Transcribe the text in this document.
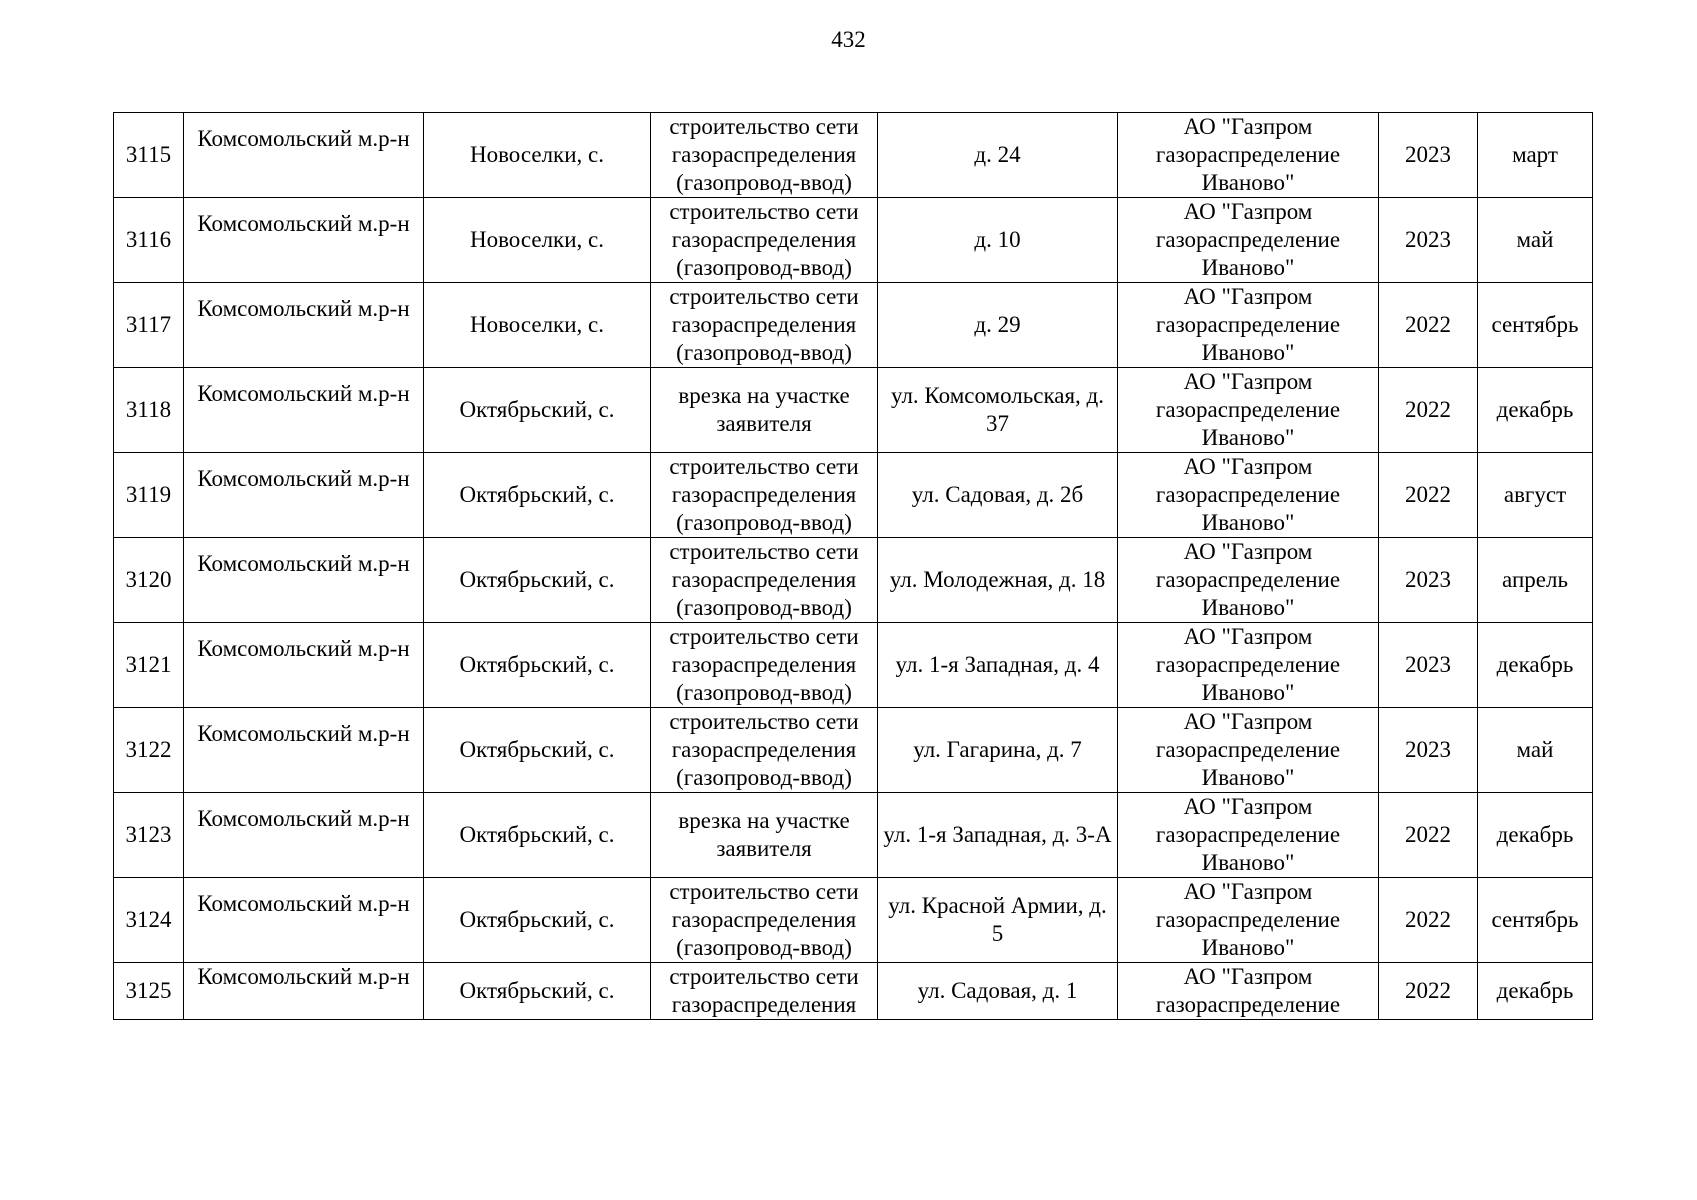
432
3115	Комсомольский м.р-н	Новоселки, с.	строительство сети газораспределения (газопровод-ввод)	д. 24	АО "Газпром газораспределение Иваново"	2023	март
3116	Комсомольский м.р-н	Новоселки, с.	строительство сети газораспределения (газопровод-ввод)	д. 10	АО "Газпром газораспределение Иваново"	2023	май
3117	Комсомольский м.р-н	Новоселки, с.	строительство сети газораспределения (газопровод-ввод)	д. 29	АО "Газпром газораспределение Иваново"	2022	сентябрь
3118	Комсомольский м.р-н	Октябрьский, с.	врезка на участке заявителя	ул. Комсомольская, д. 37	АО "Газпром газораспределение Иваново"	2022	декабрь
3119	Комсомольский м.р-н	Октябрьский, с.	строительство сети газораспределения (газопровод-ввод)	ул. Садовая, д. 2б	АО "Газпром газораспределение Иваново"	2022	август
3120	Комсомольский м.р-н	Октябрьский, с.	строительство сети газораспределения (газопровод-ввод)	ул. Молодежная, д. 18	АО "Газпром газораспределение Иваново"	2023	апрель
3121	Комсомольский м.р-н	Октябрьский, с.	строительство сети газораспределения (газопровод-ввод)	ул. 1-я Западная, д. 4	АО "Газпром газораспределение Иваново"	2023	декабрь
3122	Комсомольский м.р-н	Октябрьский, с.	строительство сети газораспределения (газопровод-ввод)	ул. Гагарина, д. 7	АО "Газпром газораспределение Иваново"	2023	май
3123	Комсомольский м.р-н	Октябрьский, с.	врезка на участке заявителя	ул. 1-я Западная, д. 3-А	АО "Газпром газораспределение Иваново"	2022	декабрь
3124	Комсомольский м.р-н	Октябрьский, с.	строительство сети газораспределения (газопровод-ввод)	ул. Красной Армии, д. 5	АО "Газпром газораспределение Иваново"	2022	сентябрь
3125	Комсомольский м.р-н	Октябрьский, с.	строительство сети газораспределения	ул. Садовая, д. 1	АО "Газпром газораспределение	2022	декабрь
